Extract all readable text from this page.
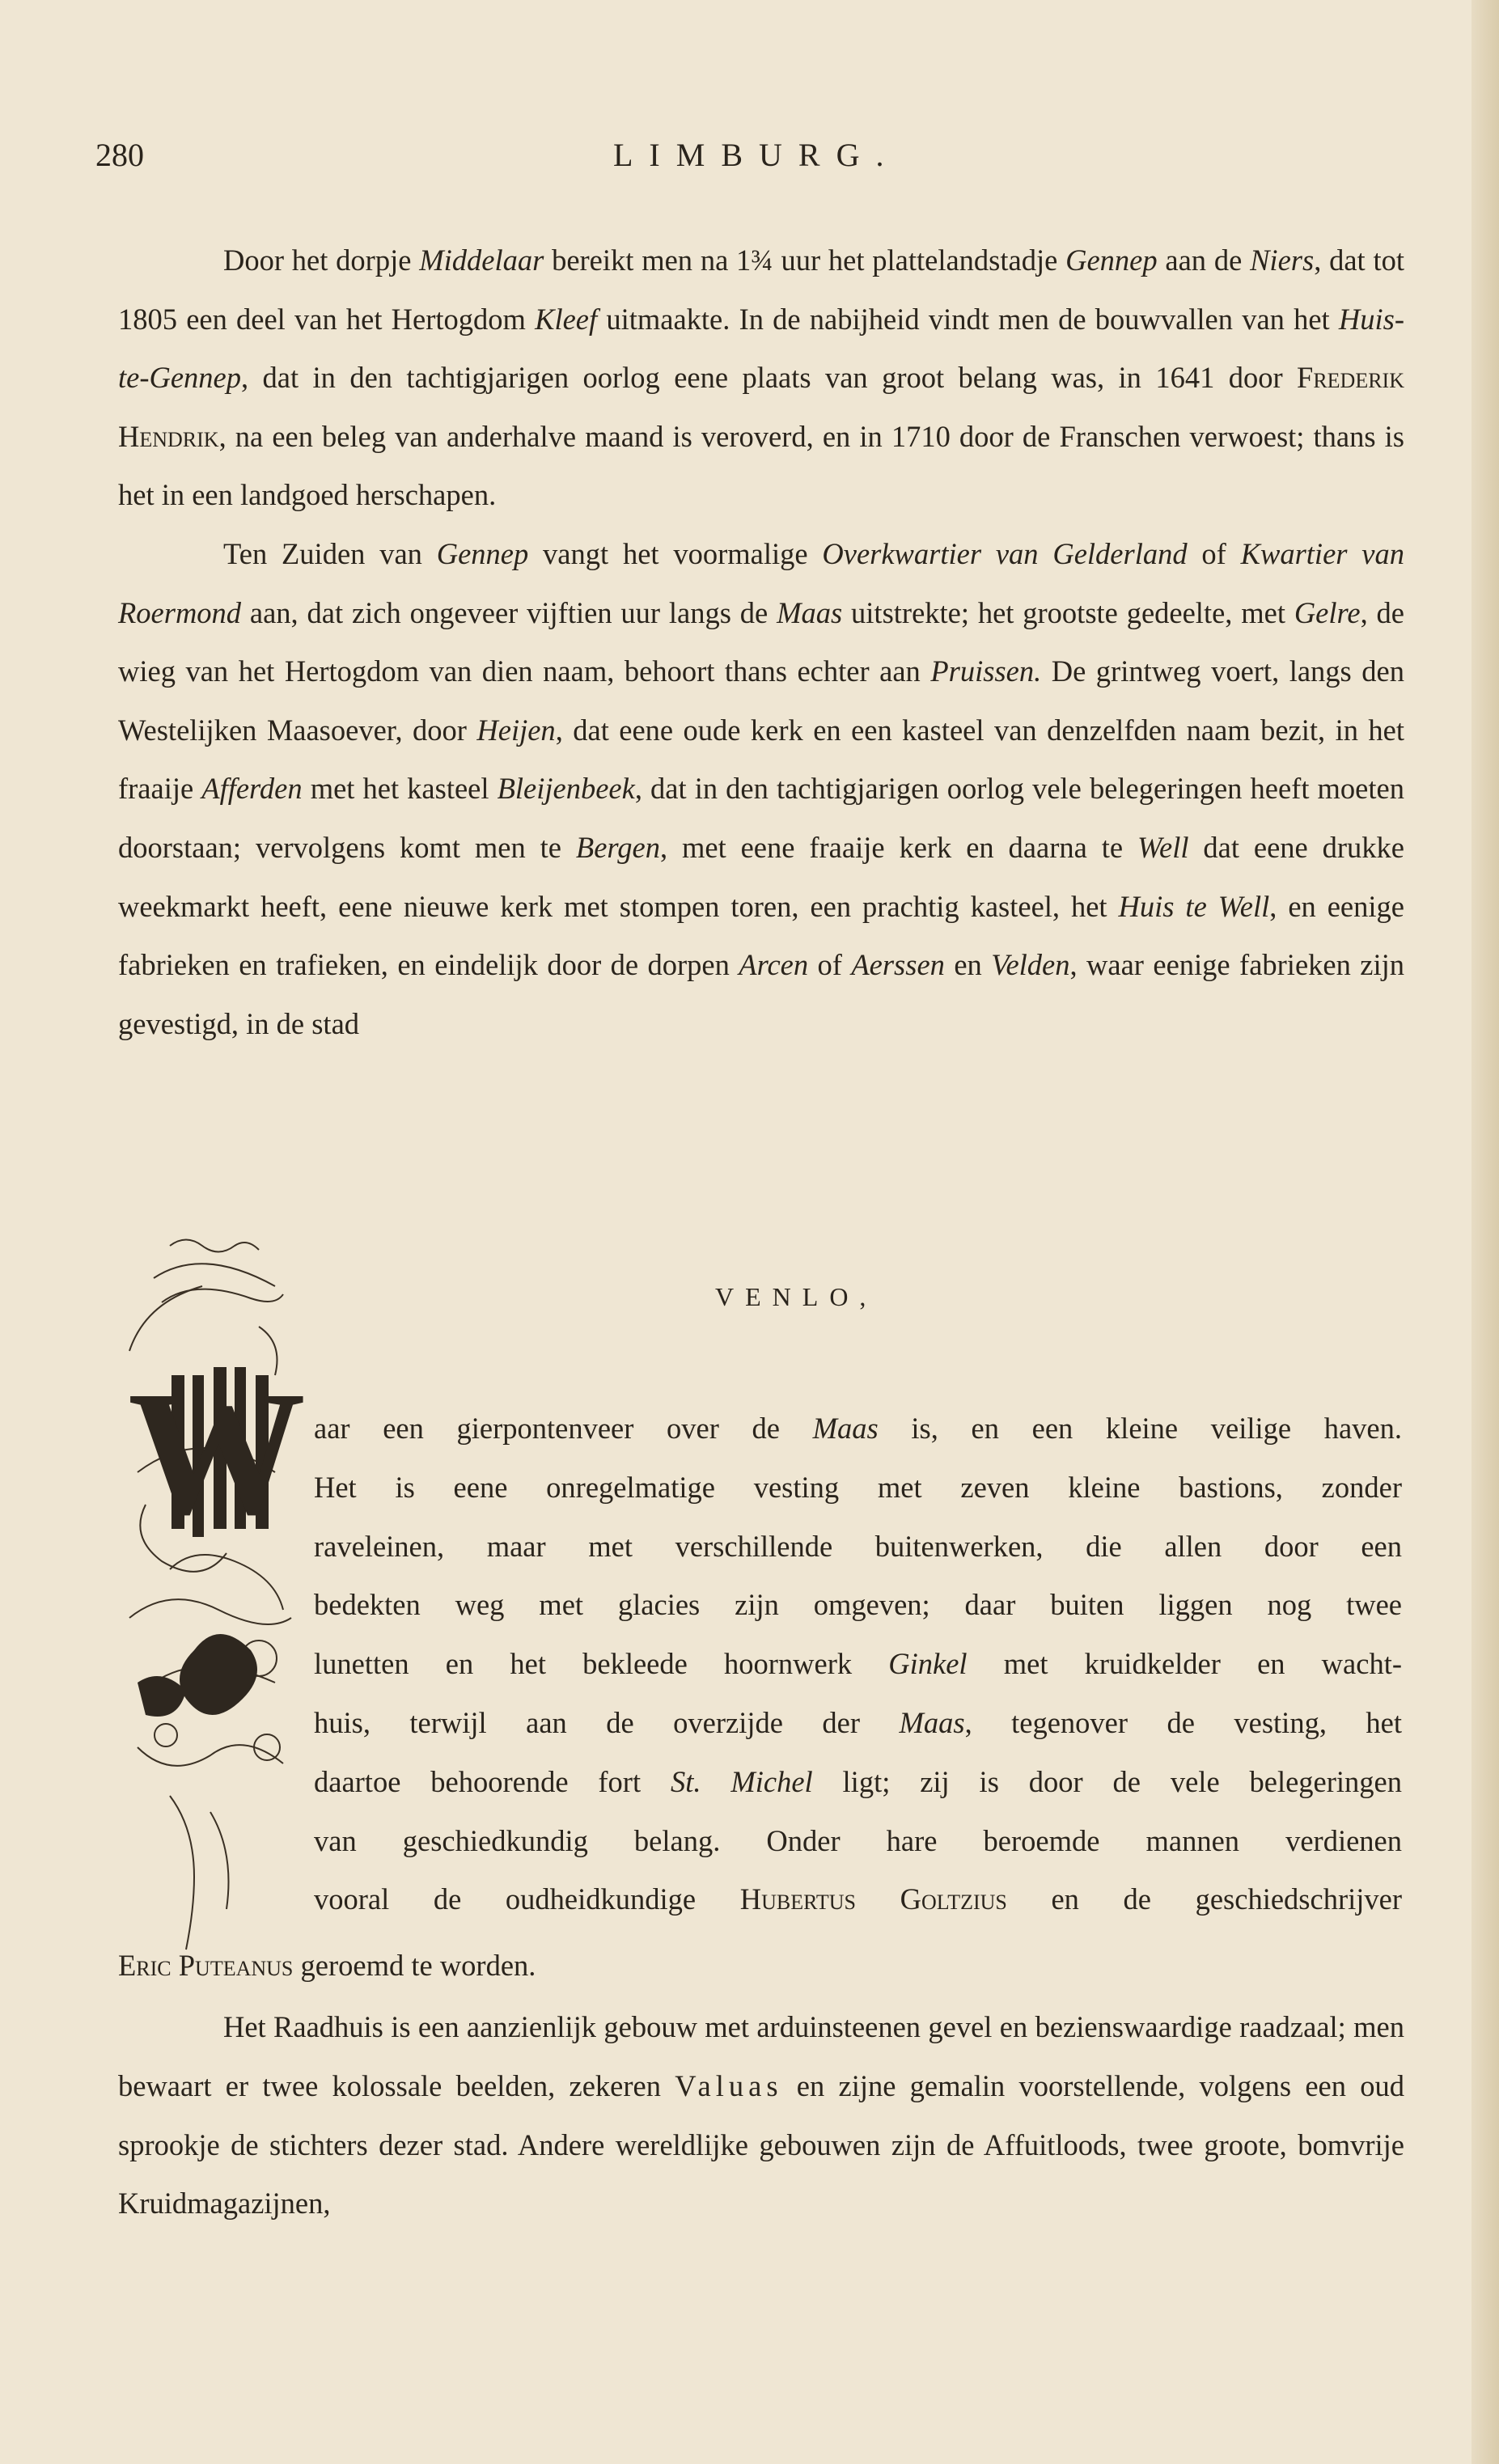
280	LIMBURG.

Door het dorpje Middelaar bereikt men na 1¾ uur het plattelandstadje Gennep aan de Niers, dat tot 1805 een deel van het Hertogdom Kleef uitmaakte. In de nabijheid vindt men de bouwvallen van het Huis-te-Gennep, dat in den tachtigjarigen oorlog eene plaats van groot belang was, in 1641 door Frederik Hendrik, na een beleg van anderhalve maand is veroverd, en in 1710 door de Franschen verwoest; thans is het in een landgoed herschapen.

Ten Zuiden van Gennep vangt het voormalige Overkwartier van Gelderland of Kwartier van Roermond aan, dat zich ongeveer vijftien uur langs de Maas uitstrekte; het grootste gedeelte, met Gelre, de wieg van het Hertogdom van dien naam, behoort thans echter aan Pruissen. De grintweg voert, langs den Westelijken Maasoever, door Heijen, dat eene oude kerk en een kasteel van denzelfden naam bezit, in het fraaije Afferden met het kasteel Bleijenbeek, dat in den tachtigjarigen oorlog vele belegeringen heeft moeten doorstaan; vervolgens komt men te Bergen, met eene fraaije kerk en daarna te Well dat eene drukke weekmarkt heeft, eene nieuwe kerk met stompen toren, een prachtig kasteel, het Huis te Well, en eenige fabrieken en trafieken, en eindelijk door de dorpen Arcen of Aerssen en Velden, waar eenige fabrieken zijn gevestigd, in de stad

VENLO,
W aar een gierpontenveer over de Maas is, en een kleine veilige haven.
Het is eene onregelmatige vesting met zeven kleine bastions, zonder
raveleinen, maar met verschillende buitenwerken, die allen door een
bedekten weg met glacies zijn omgeven; daar buiten liggen nog twee
lunetten en het bekleede hoornwerk Ginkel met kruidkelder en wacht-
huis, terwijl aan de overzijde der Maas, tegenover de vesting, het
daartoe behoorende fort St. Michel ligt; zij is door de vele belegeringen
van geschiedkundig belang. Onder hare beroemde mannen verdienen
vooral de oudheidkundige Hubertus Goltzius en de geschiedschrijver
Eric Puteanus geroemd te worden.

Het Raadhuis is een aanzienlijk gebouw met arduinsteenen gevel en bezienswaardige raadzaal; men bewaart er twee kolossale beelden, zekeren Valuas en zijne gemalin voorstellende, volgens een oud sprookje de stichters dezer stad. Andere wereldlijke gebouwen zijn de Affuitloods, twee groote, bomvrije Kruidmagazijnen,
